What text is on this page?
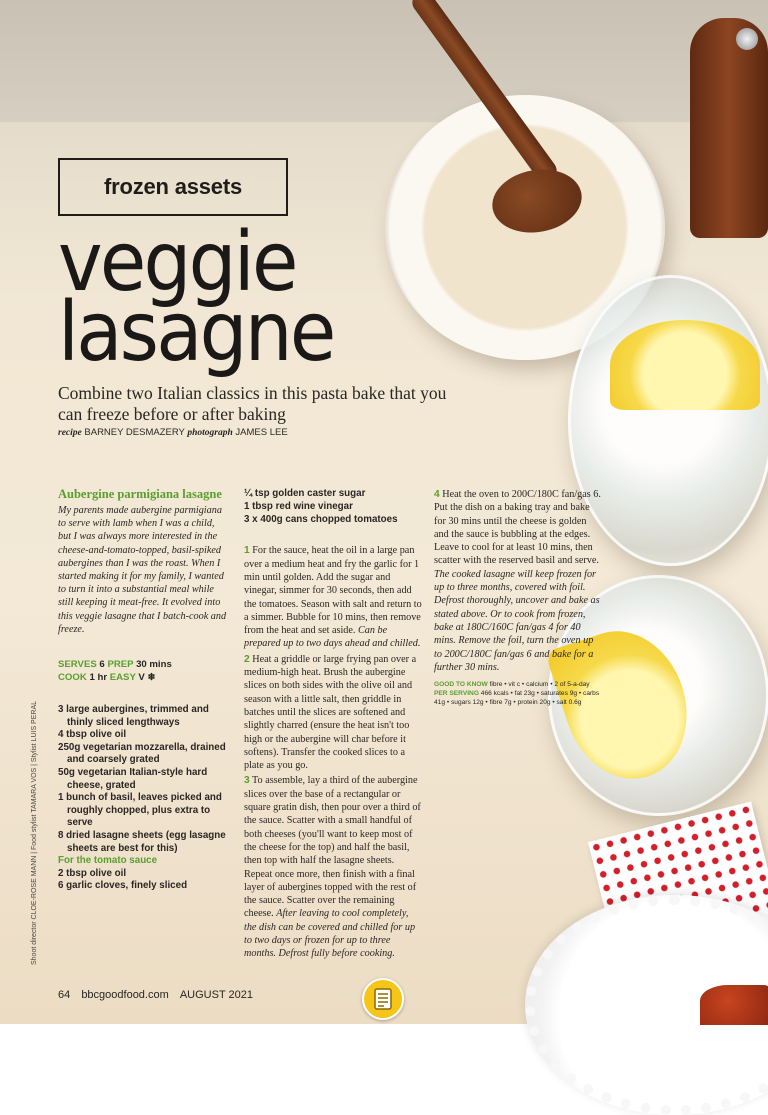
frozen assets
veggie
lasagne
Combine two Italian classics in this pasta bake that you can freeze before or after baking
recipe BARNEY DESMAZERY photograph JAMES LEE
Aubergine parmigiana lasagne

My parents made aubergine parmigiana to serve with lamb when I was a child, but I was always more interested in the cheese-and-tomato-topped, basil-spiked aubergines than I was the roast. When I started making it for my family, I wanted to turn it into a substantial meal while still keeping it meat-free. It evolved into this veggie lasagne that I batch-cook and freeze.

SERVES 6 PREP 30 mins
COOK 1 hr EASY V ❄
3 large aubergines, trimmed and thinly sliced lengthways
4 tbsp olive oil
250g vegetarian mozzarella, drained and coarsely grated
50g vegetarian Italian-style hard cheese, grated
1 bunch of basil, leaves picked and roughly chopped, plus extra to serve
8 dried lasagne sheets (egg lasagne sheets are best for this)
For the tomato sauce
2 tbsp olive oil
6 garlic cloves, finely sliced
¼ tsp golden caster sugar
1 tbsp red wine vinegar
3 x 400g cans chopped tomatoes

1 For the sauce, heat the oil in a large pan over a medium heat and fry the garlic for 1 min until golden. Add the sugar and vinegar, simmer for 30 seconds, then add the tomatoes. Season with salt and return to a simmer. Bubble for 10 mins, then remove from the heat and set aside. Can be prepared up to two days ahead and chilled.

2 Heat a griddle or large frying pan over a medium-high heat. Brush the aubergine slices on both sides with the olive oil and season with a little salt, then griddle in batches until the slices are softened and slightly charred (ensure the heat isn't too high or the aubergine will char before it softens). Transfer the cooked slices to a plate as you go.

3 To assemble, lay a third of the aubergine slices over the base of a rectangular or square gratin dish, then pour over a third of the sauce. Scatter with a small handful of both cheeses (you'll want to keep most of the cheese for the top) and half the basil, then top with half the lasagne sheets. Repeat once more, then finish with a final layer of aubergines topped with the rest of the sauce. Scatter over the remaining cheese. After leaving to cool completely, the dish can be covered and chilled for up to two days or frozen for up to three months. Defrost fully before cooking.

4 Heat the oven to 200C/180C fan/gas 6. Put the dish on a baking tray and bake for 30 mins until the cheese is golden and the sauce is bubbling at the edges. Leave to cool for at least 10 mins, then scatter with the reserved basil and serve. The cooked lasagne will keep frozen for up to three months, covered with foil. Defrost thoroughly, uncover and bake as stated above. Or to cook from frozen, bake at 180C/160C fan/gas 4 for 40 mins. Remove the foil, turn the oven up to 200C/180C fan/gas 6 and bake for a further 30 mins.

GOOD TO KNOW fibre • vit c • calcium • 2 of 5-a-day
PER SERVING 466 kcals • fat 23g • saturates 9g • carbs 41g • sugars 12g • fibre 7g • protein 20g • salt 0.6g
Shoot director CLOE-ROSE MANN | Food stylist TAMARA VOS | Stylist LUIS PERAL
64 bbcgoodfood.com AUGUST 2021
